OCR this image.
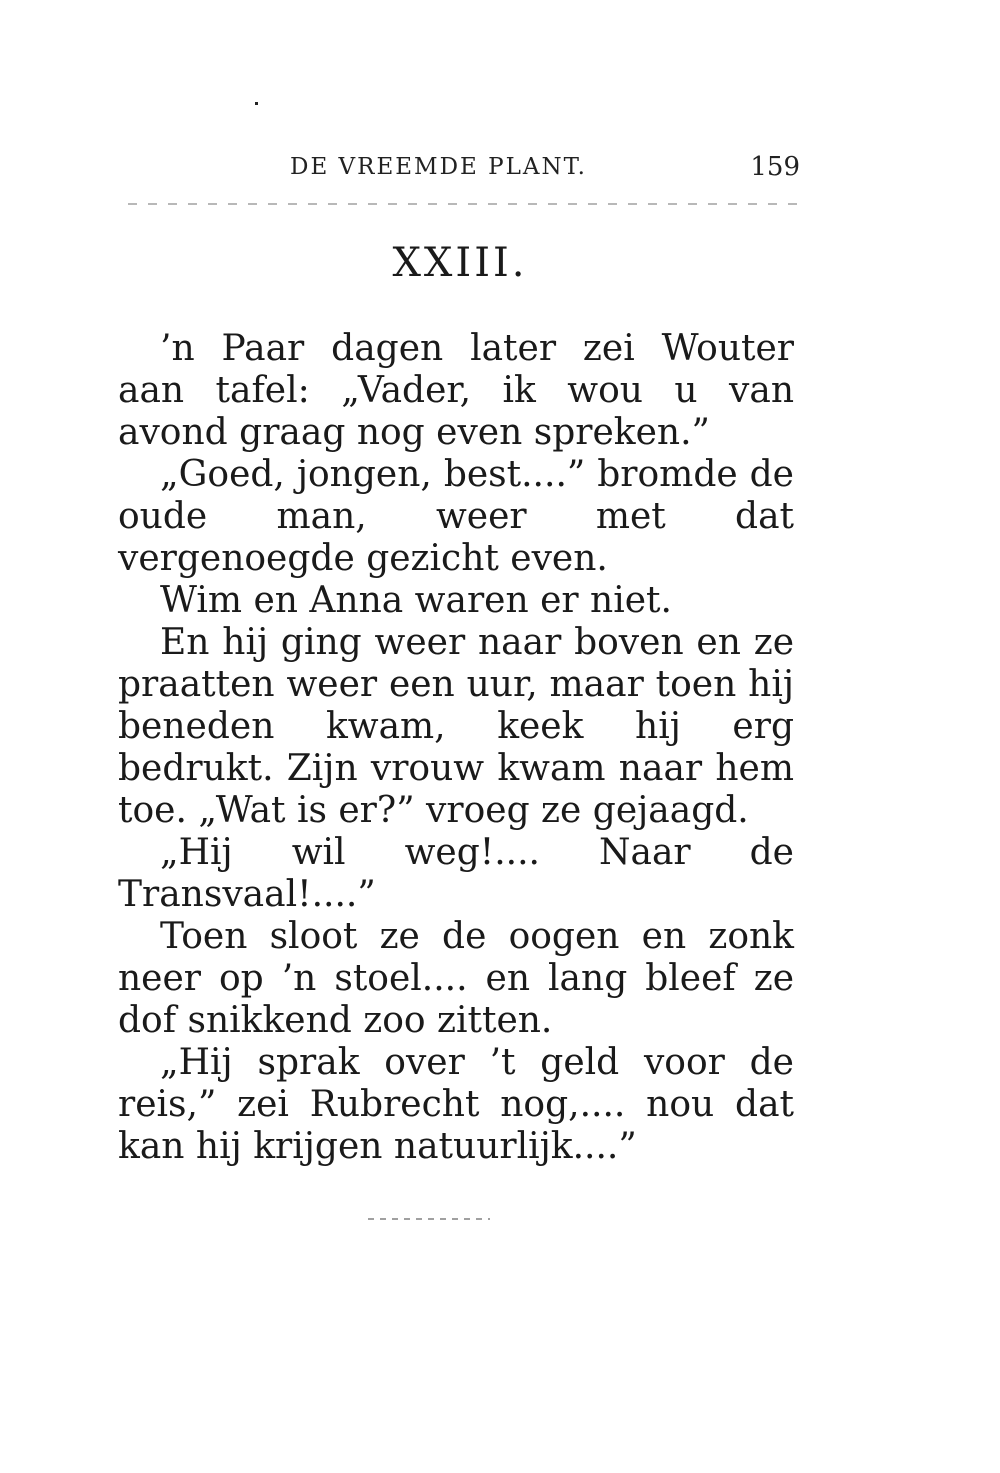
DE VREEMDE PLANT.	159
XXIII.

’n Paar dagen later zei Wouter aan tafel: „Vader, ik wou u van avond graag nog even spreken.”

„Goed, jongen, best....” bromde de oude man, weer met dat vergenoegde gezicht even.

Wim en Anna waren er niet.

En hij ging weer naar boven en ze praatten weer een uur, maar toen hij beneden kwam, keek hij erg bedrukt. Zijn vrouw kwam naar hem toe. „Wat is er?” vroeg ze gejaagd.

„Hij wil weg!.... Naar de Transvaal!....”

Toen sloot ze de oogen en zonk neer op ’n stoel.... en lang bleef ze dof snikkend zoo zitten.

„Hij sprak over ’t geld voor de reis,” zei Rubrecht nog,.... nou dat kan hij krijgen natuurlijk....”
